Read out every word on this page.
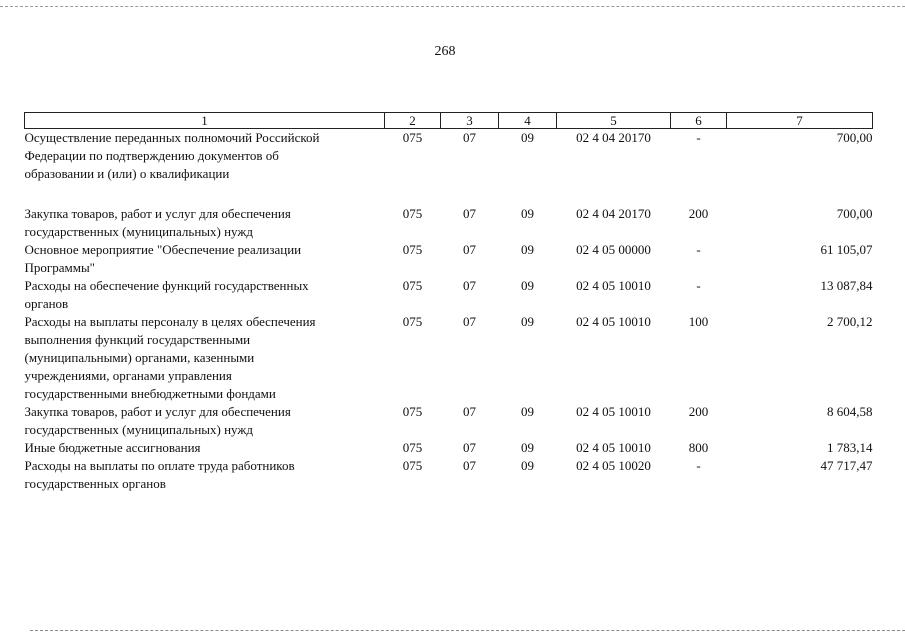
268
1	2	3	4	5	6	7

Осуществление переданных полномочий Российской
Федерации по подтверждению документов об
образовании и (или) о квалификации	075	07	09	02 4 04 20170	-	700,00

Закупка товаров, работ и услуг для обеспечения
государственных (муниципальных) нужд	075	07	09	02 4 04 20170	200	700,00

Основное мероприятие "Обеспечение реализации
Программы"	075	07	09	02 4 05 00000	-	61 105,07

Расходы на обеспечение функций государственных
органов	075	07	09	02 4 05 10010	-	13 087,84

Расходы на выплаты персоналу в целях обеспечения
выполнения функций государственными
(муниципальными) органами, казенными
учреждениями, органами управления
государственными внебюджетными фондами	075	07	09	02 4 05 10010	100	2 700,12

Закупка товаров, работ и услуг для обеспечения
государственных (муниципальных) нужд	075	07	09	02 4 05 10010	200	8 604,58

Иные бюджетные ассигнования	075	07	09	02 4 05 10010	800	1 783,14

Расходы на выплаты по оплате труда работников
государственных органов	075	07	09	02 4 05 10020	-	47 717,47
